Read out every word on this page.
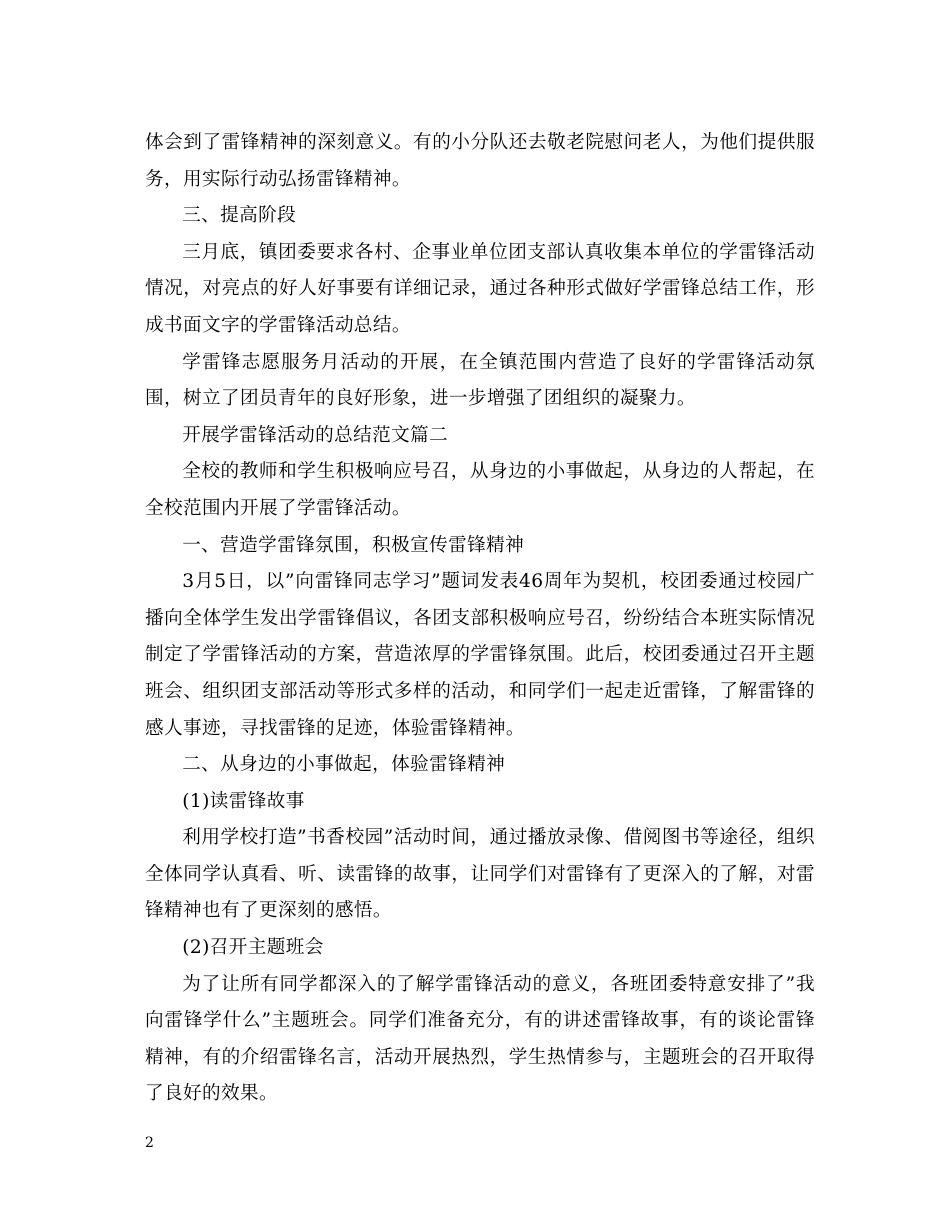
体会到了雷锋精神的深刻意义。有的小分队还去敬老院慰问老人，为他们提供服务，用实际行动弘扬雷锋精神。

三、提高阶段

三月底，镇团委要求各村、企事业单位团支部认真收集本单位的学雷锋活动情况，对亮点的好人好事要有详细记录，通过各种形式做好学雷锋总结工作，形成书面文字的学雷锋活动总结。

学雷锋志愿服务月活动的开展，在全镇范围内营造了良好的学雷锋活动氛围，树立了团员青年的良好形象，进一步增强了团组织的凝聚力。

开展学雷锋活动的总结范文篇二

全校的教师和学生积极响应号召，从身边的小事做起，从身边的人帮起，在全校范围内开展了学雷锋活动。

一、营造学雷锋氛围，积极宣传雷锋精神

3月5日，以”向雷锋同志学习”题词发表46周年为契机，校团委通过校园广播向全体学生发出学雷锋倡议，各团支部积极响应号召，纷纷结合本班实际情况制定了学雷锋活动的方案，营造浓厚的学雷锋氛围。此后，校团委通过召开主题班会、组织团支部活动等形式多样的活动，和同学们一起走近雷锋，了解雷锋的感人事迹，寻找雷锋的足迹，体验雷锋精神。

二、从身边的小事做起，体验雷锋精神

(1)读雷锋故事

利用学校打造”书香校园”活动时间，通过播放录像、借阅图书等途径，组织全体同学认真看、听、读雷锋的故事，让同学们对雷锋有了更深入的了解，对雷锋精神也有了更深刻的感悟。

(2)召开主题班会

为了让所有同学都深入的了解学雷锋活动的意义，各班团委特意安排了”我向雷锋学什么”主题班会。同学们准备充分，有的讲述雷锋故事，有的谈论雷锋精神，有的介绍雷锋名言，活动开展热烈，学生热情参与，主题班会的召开取得了良好的效果。

2
